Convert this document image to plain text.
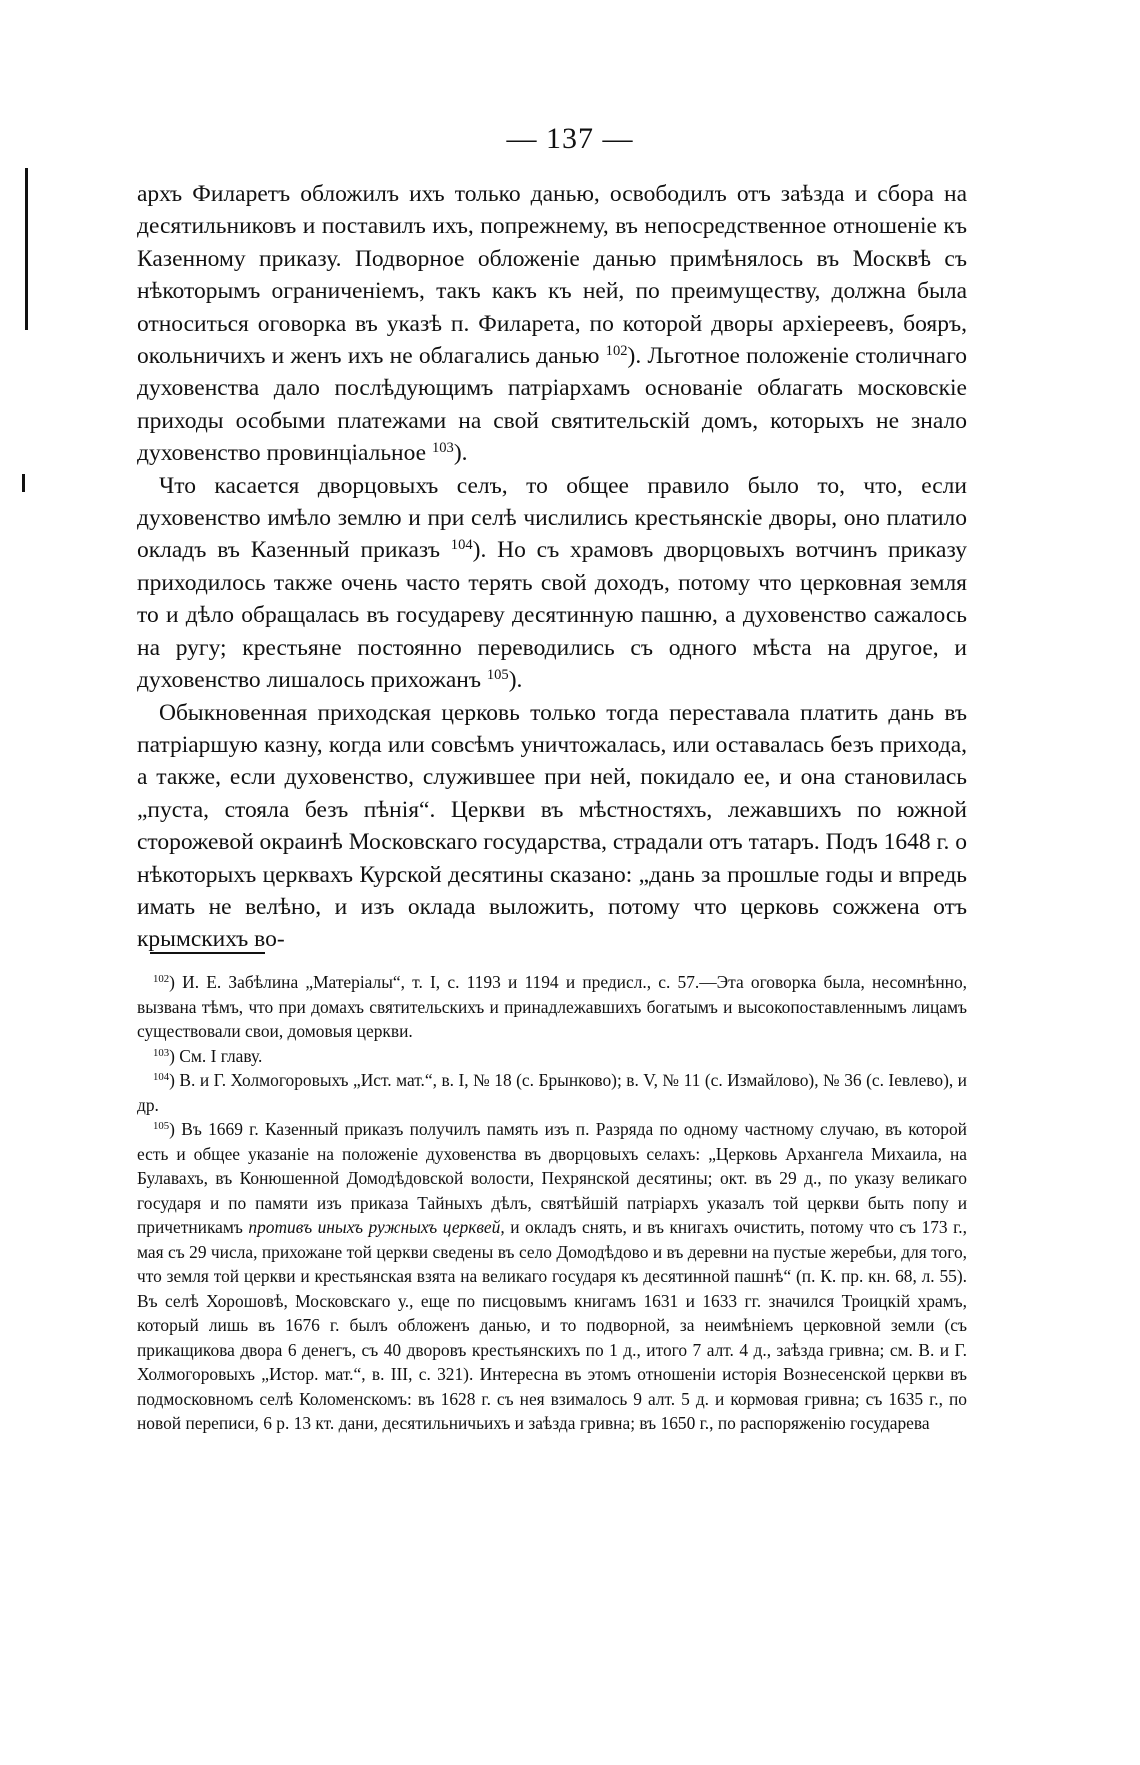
— 137 —

архъ Филаретъ обложилъ ихъ только данью, освободилъ отъ заѣзда и сбора на десятильниковъ и поставилъ ихъ, попрежнему, въ непосредственное отношеніе къ Казенному приказу. Подворное обложеніе данью примѣнялось въ Москвѣ съ нѣкоторымъ ограниченіемъ, такъ какъ къ ней, по преимуществу, должна была относиться оговорка въ указѣ п. Филарета, по которой дворы архіереевъ, бояръ, окольничихъ и женъ ихъ не облагались данью $^{102}$). Льготное положеніе столичнаго духовенства дало послѣдующимъ патріархамъ основаніе облагать московскіе приходы особыми платежами на свой святительскій домъ, которыхъ не знало духовенство провинціальное $^{103}$).

Что касается дворцовыхъ селъ, то общее правило было то, что, если духовенство имѣло землю и при селѣ числились крестьянскіе дворы, оно платило окладъ въ Казенный приказъ $^{104}$). Но съ храмовъ дворцовыхъ вотчинъ приказу приходилось также очень часто терять свой доходъ, потому что церковная земля то и дѣло обращалась въ государеву десятинную пашню, а духовенство сажалось на ругу; крестьяне постоянно переводились съ одного мѣста на другое, и духовенство лишалось прихожанъ $^{105}$).

Обыкновенная приходская церковь только тогда переставала платить дань въ патріаршую казну, когда или совсѣмъ уничтожалась, или оставалась безъ прихода, а также, если духовенство, служившее при ней, покидало ее, и она становилась „пуста, стояла безъ пѣнія“. Церкви въ мѣстностяхъ, лежавшихъ по южной сторожевой окраинѣ Московскаго государства, страдали отъ татаръ. Подъ 1648 г. о нѣкоторыхъ церквахъ Курской десятины сказано: „дань за прошлые годы и впредь имать не велѣно, и изъ оклада выложить, потому что церковь сожжена отъ крымскихъ во-

$^{102}$) И. Е. Забѣлина „Матеріалы“, т. I, с. 1193 и 1194 и предисл., с. 57.—Эта оговорка была, несомнѣнно, вызвана тѣмъ, что при домахъ святительскихъ и принадлежавшихъ богатымъ и высокопоставленнымъ лицамъ существовали свои, домовыя церкви.

$^{103}$) См. I главу.

$^{104}$) В. и Г. Холмогоровыхъ „Ист. мат.“, в. I, № 18 (с. Брынково); в. V, № 11 (с. Измайлово), № 36 (с. Іевлево), и др.

$^{105}$) Въ 1669 г. Казенный приказъ получилъ память изъ п. Разряда по одному частному случаю, въ которой есть и общее указаніе на положеніе духовенства въ дворцовыхъ селахъ: „Церковь Архангела Михаила, на Булавахъ, въ Конюшенной Домодѣдовской волости, Пехрянской десятины; окт. въ 29 д., по указу великаго государя и по памяти изъ приказа Тайныхъ дѣлъ, святѣйшій патріархъ указалъ той церкви быть попу и причетникамъ противъ иныхъ ружныхъ церквей, и окладъ снять, и въ книгахъ очистить, потому что съ 173 г., мая съ 29 числа, прихожане той церкви сведены въ село Домодѣдово и въ деревни на пустые жеребьи, для того, что земля той церкви и крестьянская взята на великаго государя къ десятинной пашнѣ“ (п. К. пр. кн. 68, л. 55). Въ селѣ Хорошовѣ, Московскаго у., еще по писцовымъ книгамъ 1631 и 1633 гг. значился Троицкій храмъ, который лишь въ 1676 г. былъ обложенъ данью, и то подворной, за неимѣніемъ церковной земли (съ прикащикова двора 6 денегъ, съ 40 дворовъ крестьянскихъ по 1 д., итого 7 алт. 4 д., заѣзда гривна; см. В. и Г. Холмогоровыхъ „Истор. мат.“, в. III, с. 321). Интересна въ этомъ отношеніи исторія Вознесенской церкви въ подмосковномъ селѣ Коломенскомъ: въ 1628 г. съ нея взималось 9 алт. 5 д. и кормовая гривна; съ 1635 г., по новой переписи, 6 р. 13 кт. дани, десятильничьихъ и заѣзда гривна; въ 1650 г., по распоряженію государева
